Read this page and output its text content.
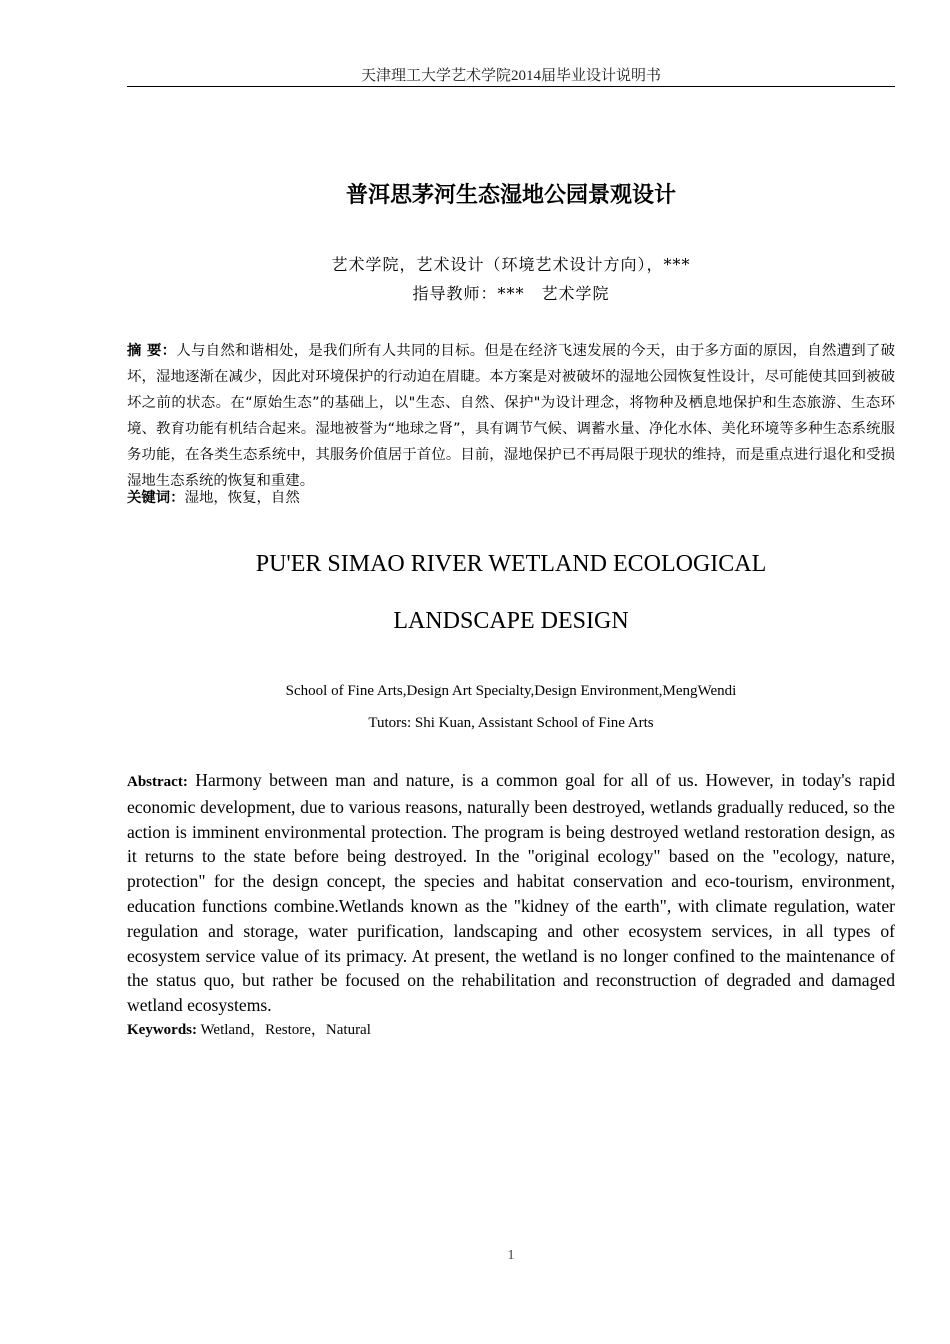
天津理工大学艺术学院2014届毕业设计说明书
普洱思茅河生态湿地公园景观设计
艺术学院，艺术设计（环境艺术设计方向），***
指导教师：***　艺术学院
摘 要：人与自然和谐相处，是我们所有人共同的目标。但是在经济飞速发展的今天，由于多方面的原因，自然遭到了破坏，湿地逐渐在减少，因此对环境保护的行动迫在眉睫。本方案是对被破坏的湿地公园恢复性设计，尽可能使其回到被破坏之前的状态。在“原始生态”的基础上，以"生态、自然、保护"为设计理念，将物种及栖息地保护和生态旅游、生态环境、教育功能有机结合起来。湿地被誉为“地球之肾”，具有调节气候、调蓄水量、净化水体、美化环境等多种生态系统服务功能，在各类生态系统中，其服务价值居于首位。目前，湿地保护已不再局限于现状的维持，而是重点进行退化和受损湿地生态系统的恢复和重建。
关键词：湿地，恢复，自然
PU'ER SIMAO RIVER WETLAND ECOLOGICAL
LANDSCAPE DESIGN
School of Fine Arts,Design Art Specialty,Design Environment,MengWendi
Tutors: Shi Kuan, Assistant School of Fine Arts
Abstract: Harmony between man and nature, is a common goal for all of us. However, in today's rapid economic development, due to various reasons, naturally been destroyed, wetlands gradually reduced, so the action is imminent environmental protection. The program is being destroyed wetland restoration design, as it returns to the state before being destroyed. In the "original ecology" based on the "ecology, nature, protection" for the design concept, the species and habitat conservation and eco-tourism, environment, education functions combine.Wetlands known as the "kidney of the earth", with climate regulation, water regulation and storage, water purification, landscaping and other ecosystem services, in all types of ecosystem service value of its primacy. At present, the wetland is no longer confined to the maintenance of the status quo, but rather be focused on the rehabilitation and reconstruction of degraded and damaged wetland ecosystems.
Keywords: Wetland，Restore，Natural
1
